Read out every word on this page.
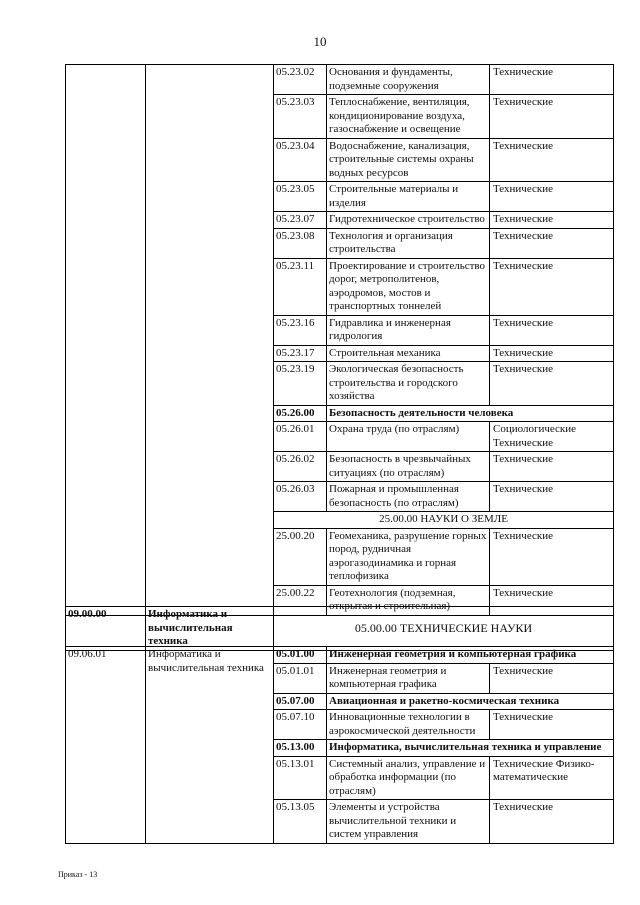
10
		05.23.02	Основания и фундаменты, подземные сооружения	Технические
		05.23.03	Теплоснабжение, вентиляция, кондиционирование воздуха, газоснабжение и освещение	Технические
		05.23.04	Водоснабжение, канализация, строительные системы охраны водных ресурсов	Технические
		05.23.05	Строительные материалы и изделия	Технические
		05.23.07	Гидротехническое строительство	Технические
		05.23.08	Технология и организация строительства	Технические
		05.23.11	Проектирование и строительство дорог, метрополитенов, аэродромов, мостов и транспортных тоннелей	Технические
		05.23.16	Гидравлика и инженерная гидрология	Технические
		05.23.17	Строительная механика	Технические
		05.23.19	Экологическая безопасность строительства и городского хозяйства	Технические
		05.26.00	Безопасность деятельности человека	
		05.26.01	Охрана труда (по отраслям)	Социологические Технические
		05.26.02	Безопасность в чрезвычайных ситуациях (по отраслям)	Технические
		05.26.03	Пожарная и промышленная безопасность (по отраслям)	Технические
		25.00.00 НАУКИ О ЗЕМЛЕ		
		25.00.20	Геомеханика, разрушение горных пород, рудничная аэрогазодинамика и горная теплофизика	Технические
		25.00.22	Геотехнология (подземная, открытая и строительная)	Технические
09.00.00	Информатика и вычислительная техника	05.00.00 ТЕХНИЧЕСКИЕ НАУКИ
09.06.01	Информатика и вычислительная техника	05.01.00	Инженерная геометрия и компьютерная графика	
		05.01.01	Инженерная геометрия и компьютерная графика	Технические
		05.07.00	Авиационная и ракетно-космическая техника	
		05.07.10	Инновационные технологии в аэрокосмической деятельности	Технические
		05.13.00	Информатика, вычислительная техника и управление	
		05.13.01	Системный анализ, управление и обработка информации (по отраслям)	Технические Физико-математические
		05.13.05	Элементы и устройства вычислительной техники и систем управления	Технические
Приказ - 13
